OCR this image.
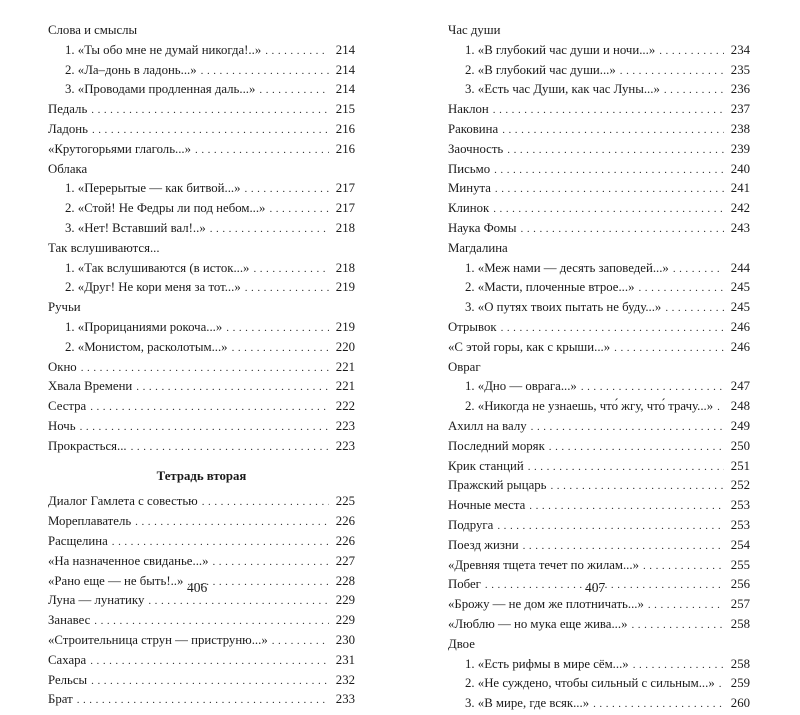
Слова и смыслы
1. «Ты обо мне не думай никогда!..» . . .	214
2. «Ла–донь в ладонь...» . . .	214
3. «Проводами продленная даль...» . . .	214
Педаль . . .	215
Ладонь . . .	216
«Крутогорьями глаголь...» . . .	216
Облака
1. «Перерытые — как битвой...» . . .	217
2. «Стой! Не Федры ли под небом...» . . .	217
3. «Нет! Вставший вал!..» . . .	218
Так вслушиваются...
1. «Так вслушиваются (в исток...» . . .	218
2. «Друг! Не кори меня за тот...» . . .	219
Ручьи
1. «Прорицаниями рокоча...» . . .	219
2. «Монистом, расколотым...» . . .	220
Окно . . .	221
Хвала Времени . . .	221
Сестра . . .	222
Ночь . . .	223
Прокрасться... . . .	223
Тетрадь вторая
Диалог Гамлета с совестью . . .	225
Мореплаватель . . .	226
Расщелина . . .	226
«На назначенное свиданье...» . . .	227
«Рано еще — не быть!..» . . .	228
Луна — лунатику . . .	229
Занавес . . .	229
«Строительница струн — приструню...» . . .	230
Сахара . . .	231
Рельсы . . .	232
Брат . . .	233
Час души
1. «В глубокий час души и ночи...» . . .	234
2. «В глубокий час души...» . . .	235
3. «Есть час Души, как час Луны...» . . .	236
Наклон . . .	237
Раковина . . .	238
Заочность . . .	239
Письмо . . .	240
Минута . . .	241
Клинок . . .	242
Наука Фомы . . .	243
Магдалина
1. «Меж нами — десять заповедей...» . . .	244
2. «Масти, плоченные втрое...» . . .	245
3. «О путях твоих пытать не буду...» . . .	245
Отрывок . . .	246
«С этой горы, как с крыши...» . . .	246
Овраг
1. «Дно — оврага...» . . .	247
2. «Никогда не узнаешь, что́ жгу, что́ трачу...» . . . 248
Ахилл на валу . . .	249
Последний моряк . . .	250
Крик станций . . .	251
Пражский рыцарь . . .	252
Ночные места . . .	253
Подруга . . .	253
Поезд жизни . . .	254
«Древняя тщета течет по жилам...» . . .	255
Побег . . .	256
«Брожу — не дом же плотничать...» . . .	257
«Люблю — но мука еще жива...» . . .	258
Двое
1. «Есть рифмы в мире сём...» . . .	258
2. «Не суждено, чтобы сильный с сильным...» . . . 259
3. «В мире, где всяк...» . . .	260
406	407
